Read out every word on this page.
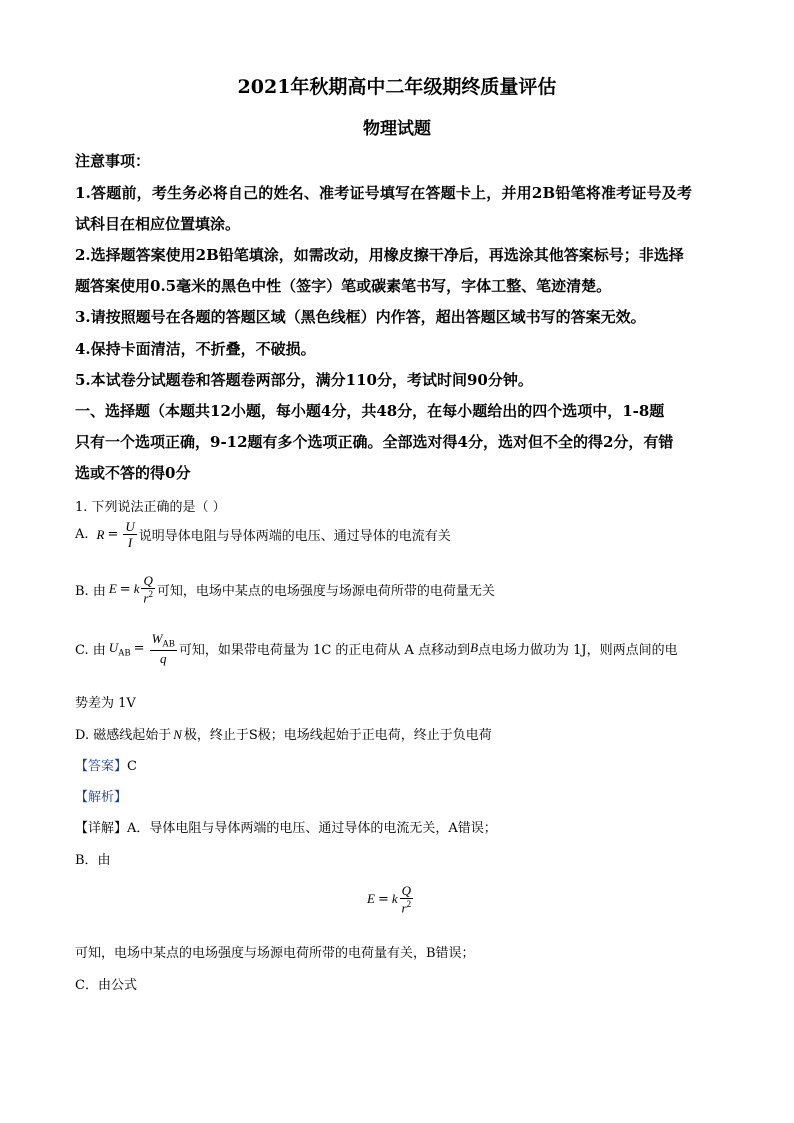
2021年秋期高中二年级期终质量评估
物理试题
注意事项：
1.答题前，考生务必将自己的姓名、准考证号填写在答题卡上，并用2B铅笔将准考证号及考
试科目在相应位置填涂。
2.选择题答案使用2B铅笔填涂，如需改动，用橡皮擦干净后，再选涂其他答案标号；非选择
题答案使用0.5毫米的黑色中性（签字）笔或碳素笔书写，字体工整、笔迹清楚。
3.请按照题号在各题的答题区域（黑色线框）内作答，超出答题区域书写的答案无效。
4.保持卡面清洁，不折叠，不破损。
5.本试卷分试题卷和答题卷两部分，满分110分，考试时间90分钟。
一、选择题（本题共12小题，每小题4分，共48分，在每小题给出的四个选项中，1-8题
只有一个选项正确，9-12题有多个选项正确。全部选对得4分，选对但不全的得2分，有错
选或不答的得0分
1. 下列说法正确的是（ ）
A. $R = \frac{U}{I}$ 说明导体电阻与导体两端的电压、通过导体的电流有关
B. 由 E = k $\frac{Q}{r^2}$ 可知，电场中某点的电场强度与场源电荷所带的电荷量无关
C. 由 $U_{AB} = \frac{W_{AB}}{q}$ 可知，如果带电荷量为 1C 的正电荷从 A 点移动到 B 点电场力做功为 1J，则两点间的电
势差为 1V
D. 磁感线起始于 N 极，终止于S极；电场线起始于正电荷，终止于负电荷
【答案】C
【解析】
【详解】A．导体电阻与导体两端的电压、通过导体的电流无关，A错误；
B．由
E = k $\frac{Q}{r^2}$
可知，电场中某点的电场强度与场源电荷所带的电荷量有关，B错误；
C．由公式
